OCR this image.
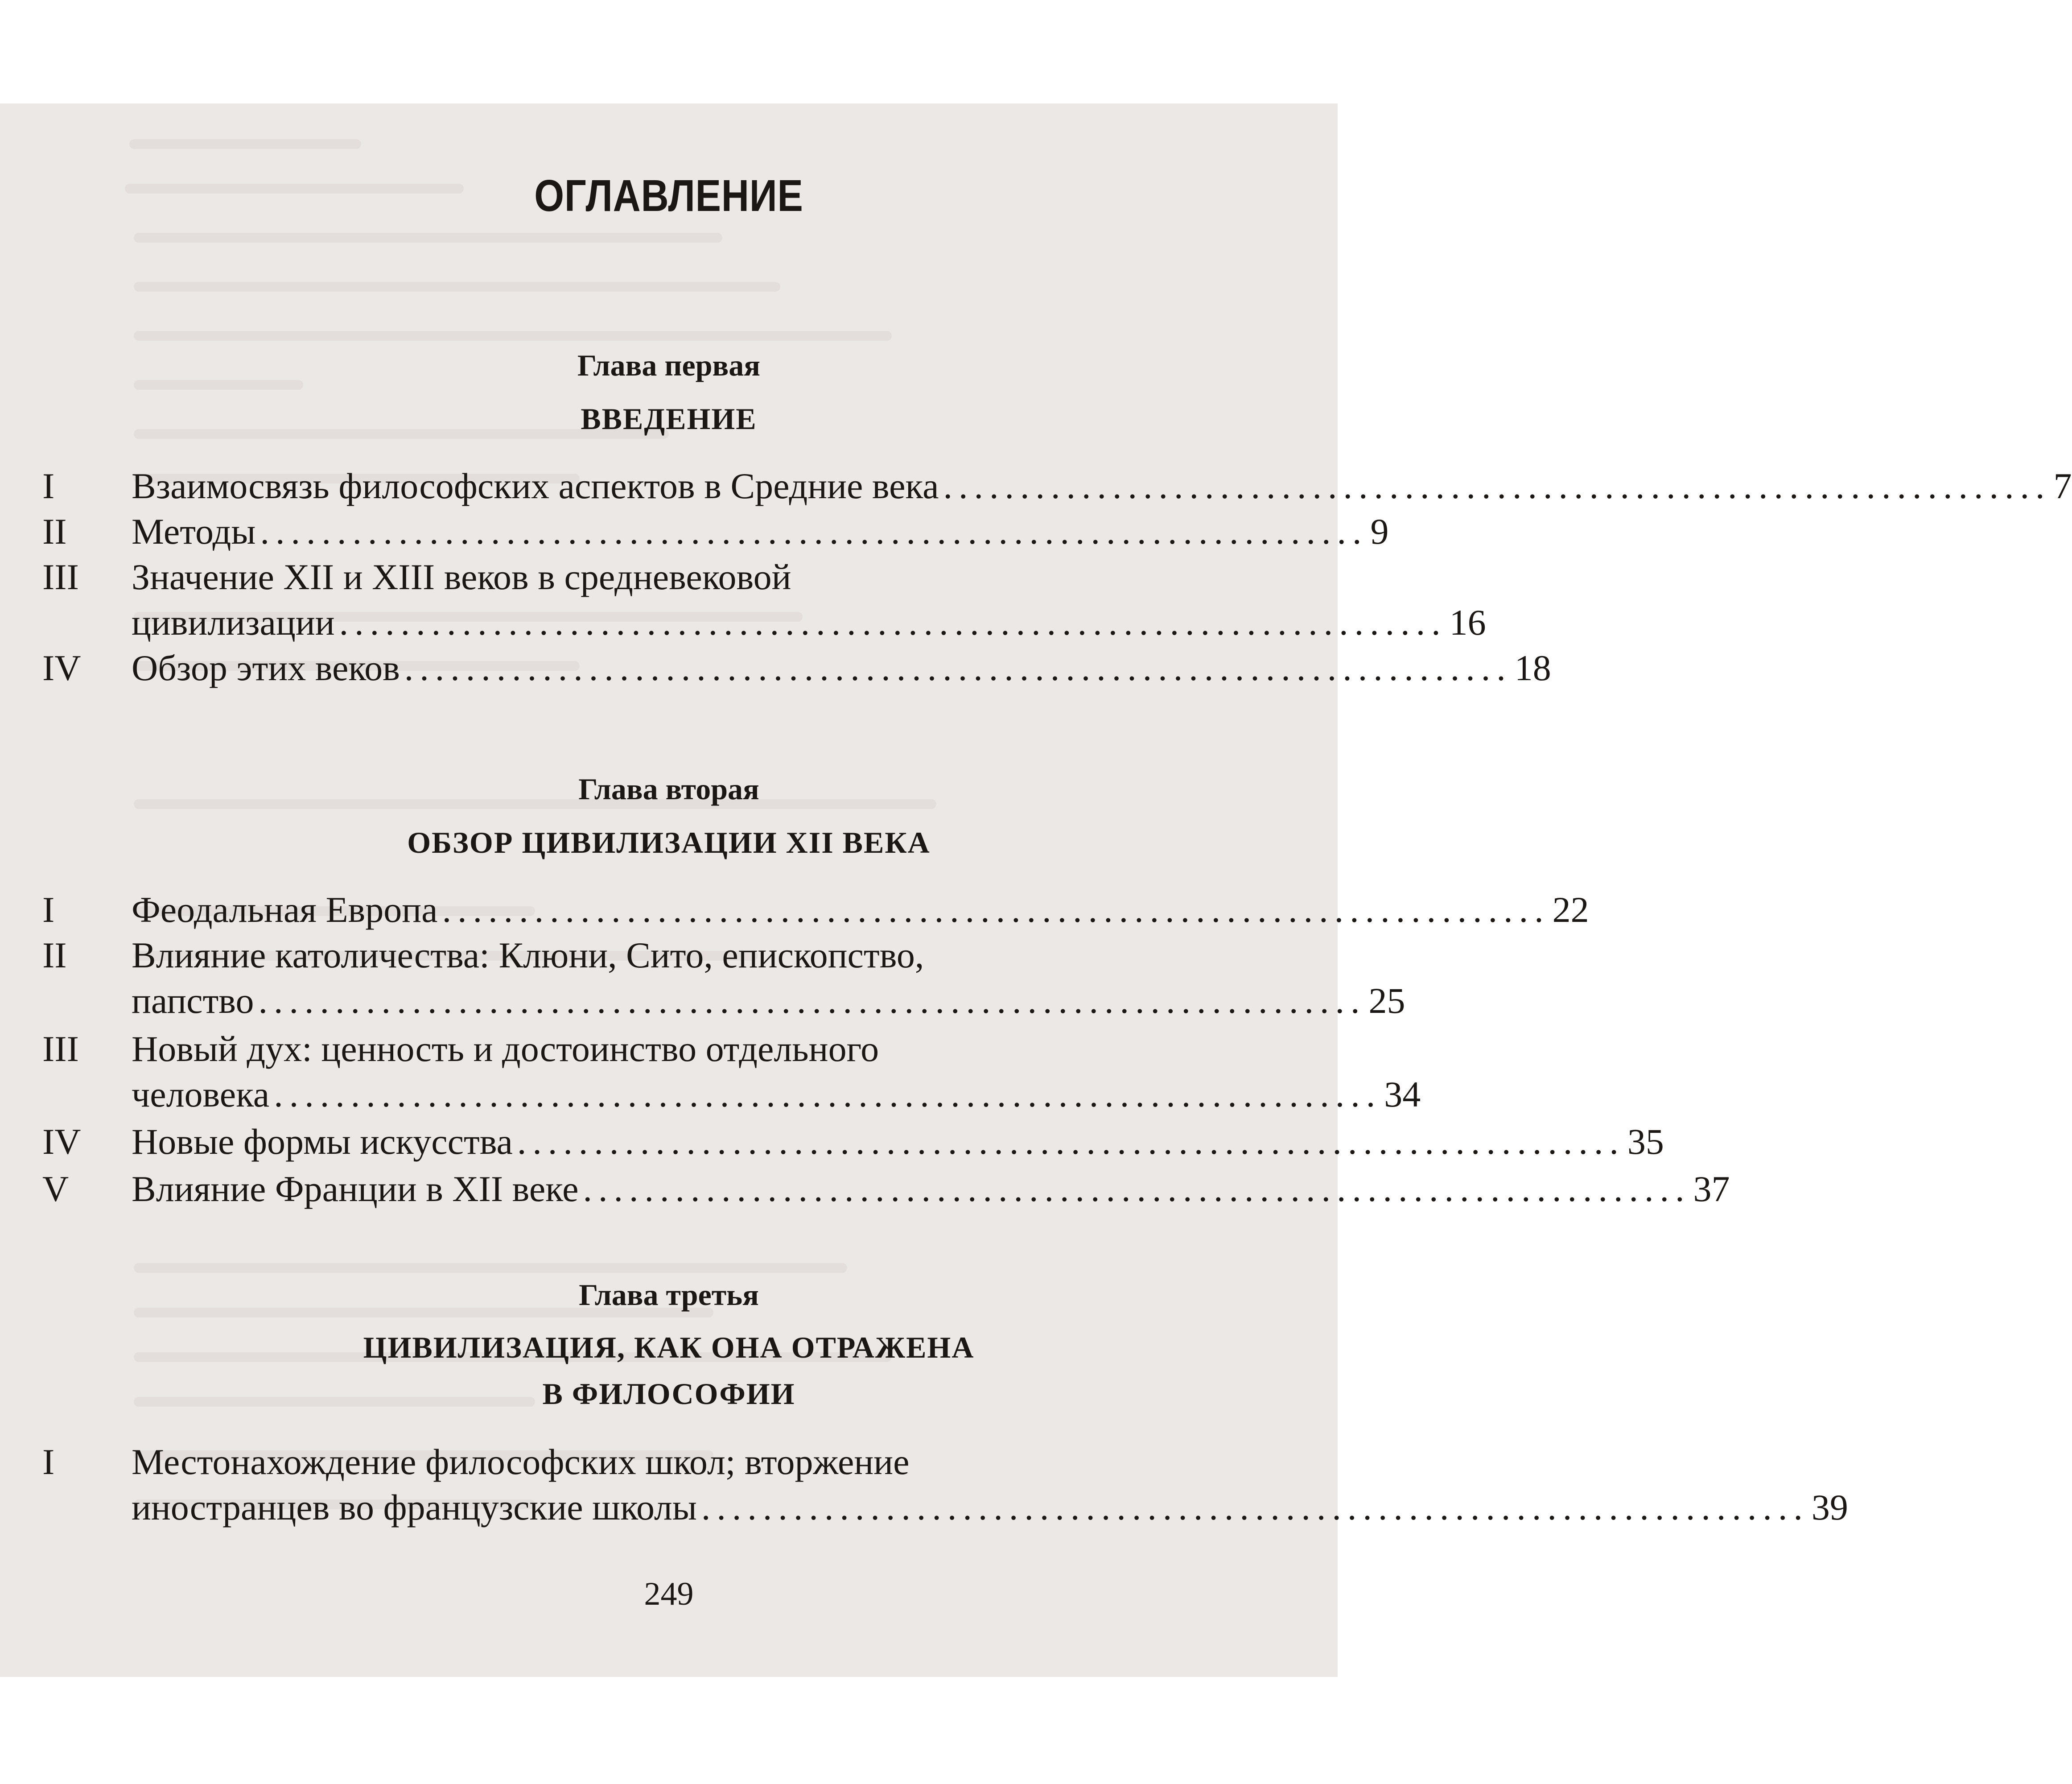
ОГЛАВЛЕНИЕ
Глава первая
ВВЕДЕНИЕ
I Взаимосвязь философских аспектов в Средние века ........................................................................ 7
II Методы ........................................................................ 9
III Значение XII и XIII веков в средневековой
цивилизации ........................................................................ 16
IV Обзор этих веков ........................................................................ 18
Глава вторая
ОБЗОР ЦИВИЛИЗАЦИИ XII ВЕКА
I Феодальная Европа ........................................................................ 22
II Влияние католичества: Клюни, Сито, епископство,
папство ........................................................................ 25
III Новый дух: ценность и достоинство отдельного
человека ........................................................................ 34
IV Новые формы искусства ........................................................................ 35
V Влияние Франции в XII веке ........................................................................ 37
Глава третья
ЦИВИЛИЗАЦИЯ, КАК ОНА ОТРАЖЕНА
В ФИЛОСОФИИ
I Местонахождение философских школ; вторжение
иностранцев во французские школы ........................................................................ 39
249
